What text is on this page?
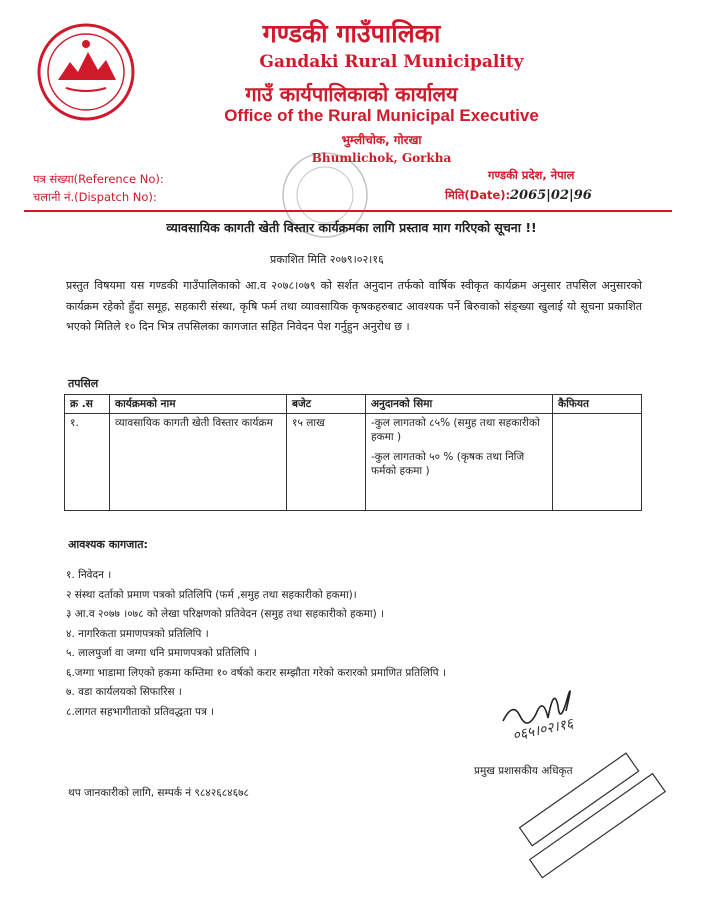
गण्डकी गाउँपालिका
Gandaki Rural Municipality
गाउँ कार्यपालिकाको कार्यालय
Office of the Rural Municipal Executive
भुम्लीचोक, गोरखा
Bhumlichok, Gorkha
पत्र संख्या(Reference No):
चलानी नं.(Dispatch No):
गण्डकी प्रदेश, नेपाल
मिति(Date): 2065|02|96
व्यावसायिक कागती खेती विस्तार कार्यक्रमका लागि प्रस्ताव माग गरिएको सूचना !!
प्रकाशित मिति २०७९।०२।१६
प्रस्तुत विषयमा यस गण्डकी गाउँपालिकाको आ.व २०७८।०७९ को सर्शत अनुदान तर्फको वार्षिक स्वीकृत कार्यक्रम अनुसार तपसिल अनुसारको कार्यक्रम रहेको हुँदा समूह, सहकारी संस्था, कृषि फर्म तथा व्यावसायिक कृषकहरुबाट आवश्यक पर्ने बिरुवाको संङ्ख्या खुलाई यो सूचना प्रकाशित भएको मितिले १० दिन भित्र तपसिलका कागजात सहित निवेदन पेश गर्नुहुन अनुरोध छ ।
तपसिल
क्र .स	कार्यक्रमको नाम	बजेट	अनुदानको सिमा	कैफियत
१.	व्यावसायिक कागती खेती विस्तार कार्यक्रम	१५ लाख	-कुल लागतको ८५% (समुह तथा सहकारीको हकमा )
-कुल लागतको ५० % (कृषक तथा निजि फर्मको हकमा )	

आवश्यक कागजात:
१. निवेदन ।
२ संस्था दर्ताको प्रमाण पत्रको प्रतिलिपि (फर्म ,समुह तथा सहकारीको हकमा)।
३ आ.व २०७७ ।०७८ को लेखा परिक्षणको प्रतिवेदन (समुह तथा सहकारीको हकमा) ।
४. नागरिकता प्रमाणपत्रको प्रतिलिपि ।
५. लालपुर्जा वा जग्गा धनि प्रमाणपत्रको प्रतिलिपि ।
६.जग्गा भाडामा लिएको हकमा कम्तिमा १० वर्षको करार सम्झौता गरेको करारको प्रमाणित प्रतिलिपि ।
७. वडा कार्यलयको सिफारिस ।
८.लागत सहभागीताको प्रतिवद्धता पत्र ।
०६५।०२।१६
प्रमुख प्रशासकीय अधिकृत
थप जानकारीको लागि, सम्पर्क नं ९८४२६८४६७८
